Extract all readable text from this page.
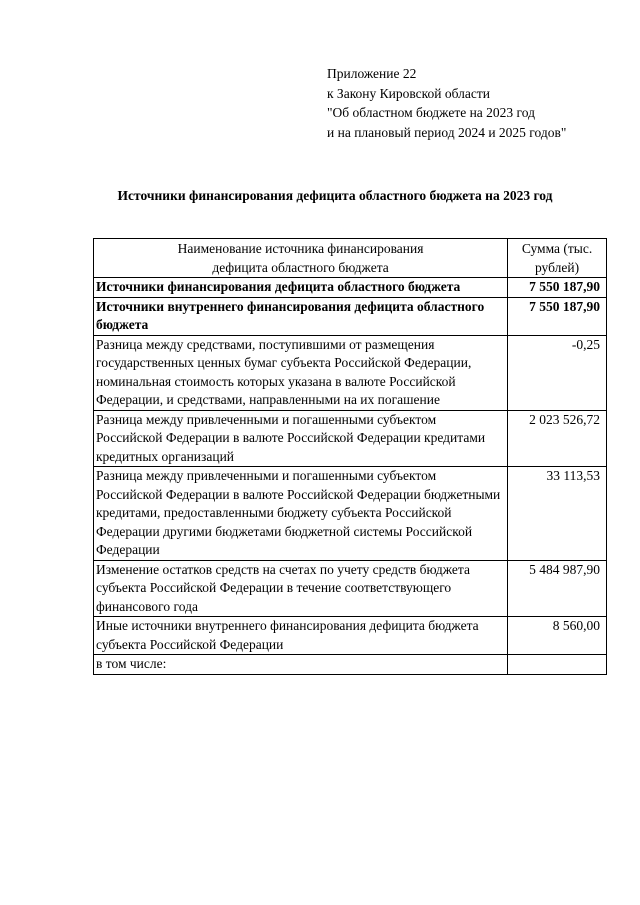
Приложение 22
к Закону Кировской области
"Об областном бюджете на 2023 год
и на плановый период 2024 и 2025 годов"
Источники финансирования дефицита областного бюджета на 2023 год
Наименование источника финансирования дефицита областного бюджета	Сумма (тыс. рублей)
Источники финансирования дефицита областного бюджета	7 550 187,90
Источники внутреннего финансирования дефицита областного бюджета	7 550 187,90
Разница между средствами, поступившими от размещения государственных ценных бумаг субъекта Российской Федерации, номинальная стоимость которых указана в валюте Российской Федерации, и средствами, направленными на их погашение	-0,25
Разница между привлеченными и погашенными субъектом Российской Федерации в валюте Российской Федерации кредитами кредитных организаций	2 023 526,72
Разница между привлеченными и погашенными субъектом Российской Федерации в валюте Российской Федерации бюджетными кредитами, предоставленными бюджету субъекта Российской Федерации другими бюджетами бюджетной системы Российской Федерации	33 113,53
Изменение остатков средств на счетах по учету средств бюджета субъекта Российской Федерации в течение соответствующего финансового года	5 484 987,90
Иные источники внутреннего финансирования дефицита бюджета субъекта Российской Федерации	8 560,00
в том числе:	
